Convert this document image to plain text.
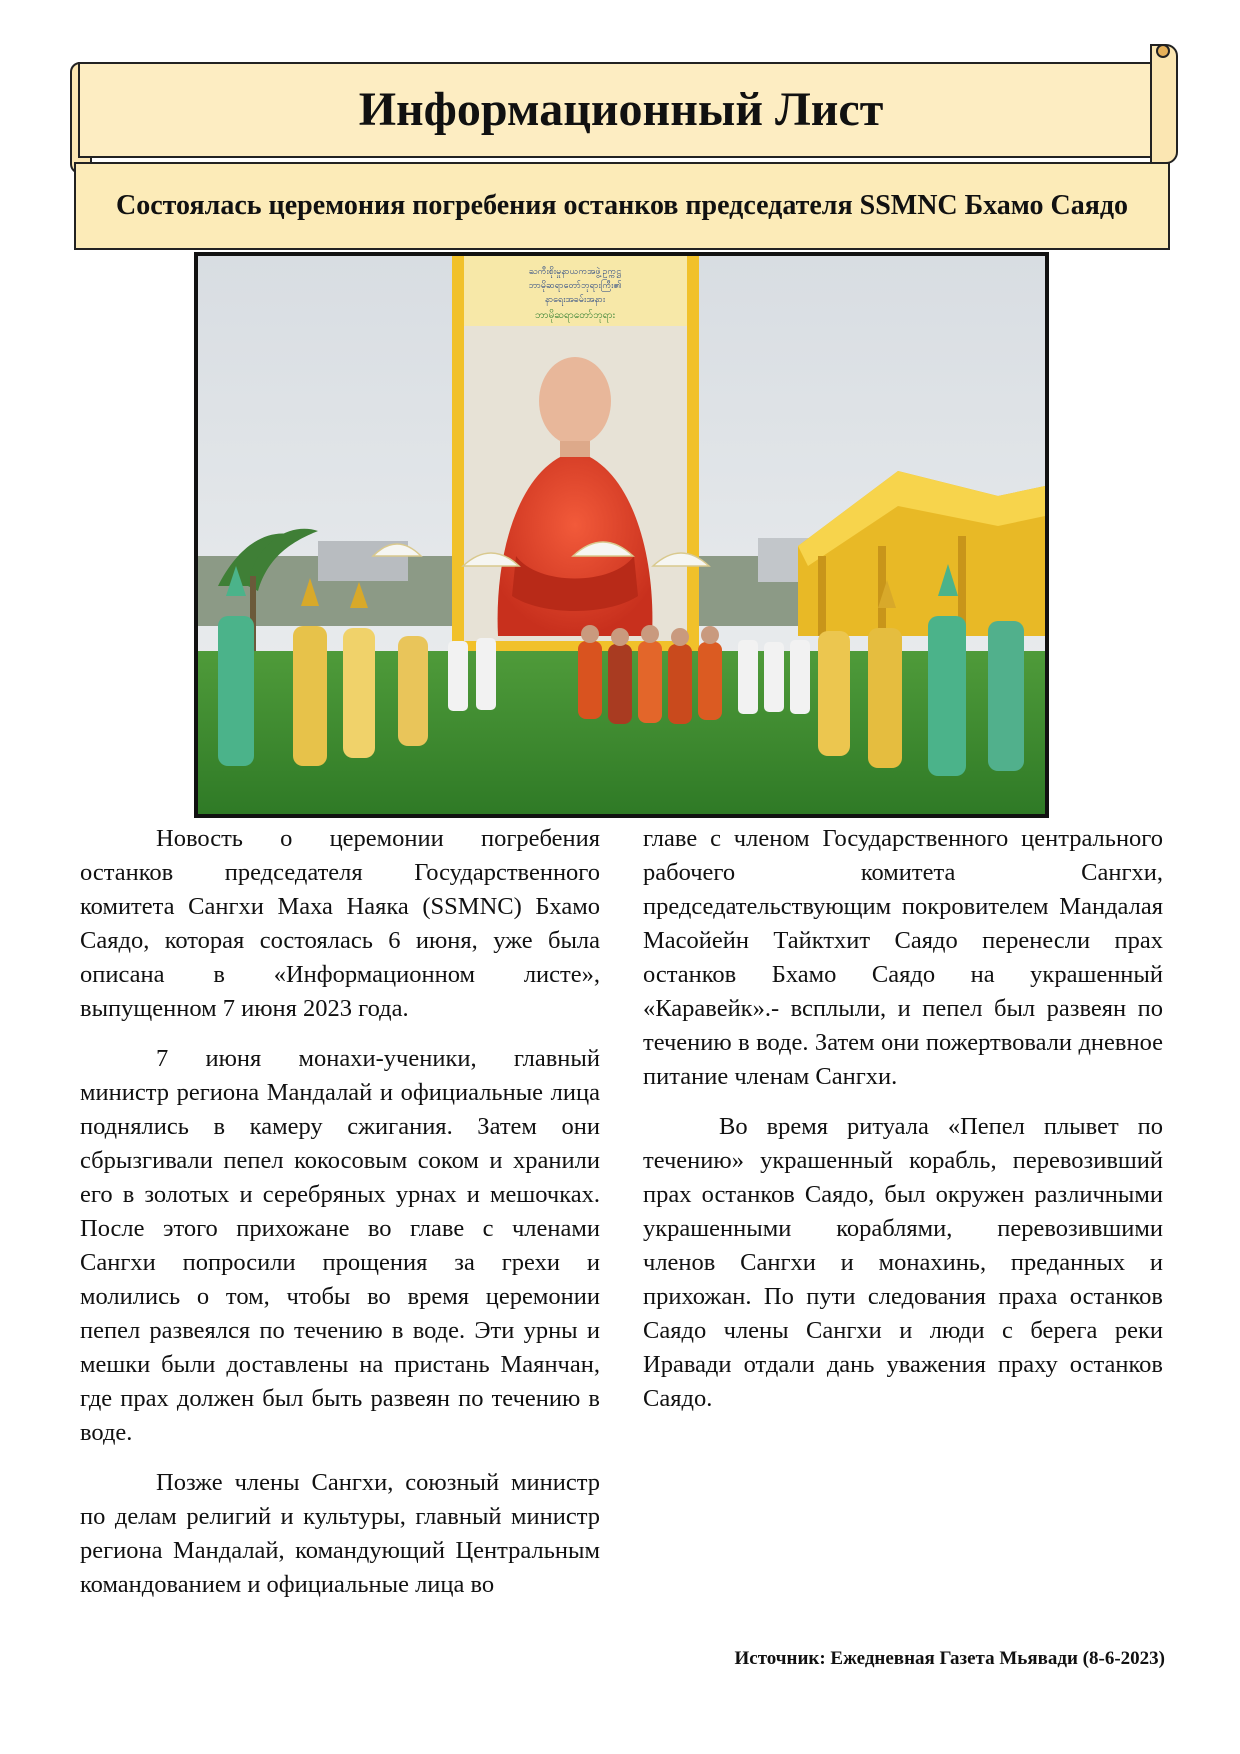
Информационный Лист
Состоялась церемония погребения останков председателя SSMNC Бхамо Саядо
ႀကီးစိုးမှုနာယကအဖွဲ့ဥက္ကဋ္ဌ
ဘာမိုဆရာတော်ဘုရားကြီး၏
နာရေးအခမ်းအနား
ဘာမိုဆရာတော်ဘုရား

Новость о церемонии погребения останков председателя Государственного комитета Сангхи Маха Наяка (SSMNC) Бхамо Саядо, которая состоялась 6 июня, уже была описана в «Информационном листе», выпущенном 7 июня 2023 года.

7 июня монахи-ученики, главный министр региона Мандалай и официальные лица поднялись в камеру сжигания. Затем они сбрызгивали пепел кокосовым соком и хранили его в золотых и серебряных урнах и мешочках. После этого прихожане во главе с членами Сангхи попросили прощения за грехи и молились о том, чтобы во время церемонии пепел развеялся по течению в воде. Эти урны и мешки были доставлены на пристань Маянчан, где прах должен был быть развеян по течению в воде.

Позже члены Сангхи, союзный министр по делам религий и культуры, главный министр региона Мандалай, командующий Центральным командованием и официальные лица во

главе с членом Государственного центрального рабочего комитета Сангхи, председательствующим покровителем Мандалая Масойейн Тайктхит Саядо перенесли прах останков Бхамо Саядо на украшенный «Каравейк».- всплыли, и пепел был развеян по течению в воде. Затем они пожертвовали дневное питание членам Сангхи.

Во время ритуала «Пепел плывет по течению» украшенный корабль, перевозивший прах останков Саядо, был окружен различными украшенными кораблями, перевозившими членов Сангхи и монахинь, преданных и прихожан. По пути следования праха останков Саядо члены Сангхи и люди с берега реки Иравади отдали дань уважения праху останков Саядо.

Источник: Ежедневная Газета Мьявади (8-6-2023)
